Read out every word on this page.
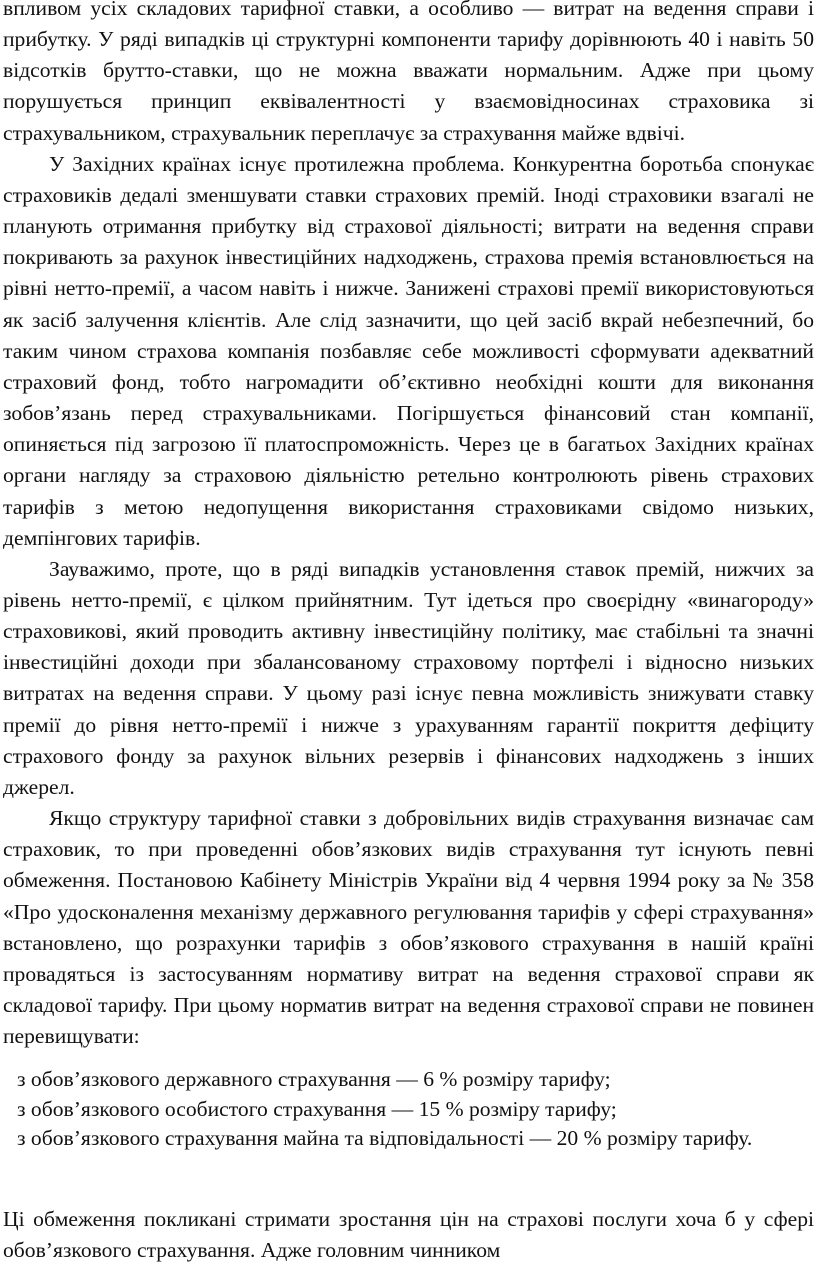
впливом усіх складових тарифної ставки, а особливо — витрат на ведення справи і прибутку. У ряді випадків ці структурні компоненти тарифу дорівнюють 40 і навіть 50 відсотків брутто-ставки, що не можна вважати нормальним. Адже при цьому порушується принцип еквівалентності у взаємовідносинах страховика зі страхувальником, страхувальник переплачує за страхування майже вдвічі.

У Західних країнах існує протилежна проблема. Конкурентна боротьба спонукає страховиків дедалі зменшувати ставки страхових премій. Іноді страховики взагалі не планують отримання прибутку від страхової діяльності; витрати на ведення справи покривають за рахунок інвестиційних надходжень, страхова премія встановлюється на рівні нетто-премії, а часом навіть і нижче. Занижені страхові премії використовуються як засіб залучення клієнтів. Але слід зазначити, що цей засіб вкрай небезпечний, бо таким чином страхова компанія позбавляє себе можливості сформувати адекватний страховий фонд, тобто нагромадити об’єктивно необхідні кошти для виконання зобов’язань перед страхувальниками. Погіршується фінансовий стан компанії, опиняється під загрозою її платоспроможність. Через це в багатьох Західних країнах органи нагляду за страховою діяльністю ретельно контролюють рівень страхових тарифів з метою недопущення використання страховиками свідомо низьких, демпінгових тарифів.

Зауважимо, проте, що в ряді випадків установлення ставок премій, нижчих за рівень нетто-премії, є цілком прийнятним. Тут ідеться про своєрідну «винагороду» страховикові, який проводить активну інвестиційну політику, має стабільні та значні інвестиційні доходи при збалансованому страховому портфелі і відносно низьких витратах на ведення справи. У цьому разі існує певна можливість знижувати ставку премії до рівня нетто-премії і нижче з урахуванням гарантії покриття дефіциту страхового фонду за рахунок вільних резервів і фінансових надходжень з інших джерел.

Якщо структуру тарифної ставки з добровільних видів страхування визначає сам страховик, то при проведенні обов’язкових видів страхування тут існують певні обмеження. Постановою Кабінету Міністрів України від 4 червня 1994 року за № 358 «Про удосконалення механізму державного регулювання тарифів у сфері страхування» встановлено, що розрахунки тарифів з обов’язкового страхування в нашій країні провадяться із застосуванням нормативу витрат на ведення страхової справи як складової тарифу. При цьому норматив витрат на ведення страхової справи не повинен перевищувати:

з обов’язкового державного страхування — 6 % розміру тарифу;
з обов’язкового особистого страхування — 15 % розміру тарифу;
з обов’язкового страхування майна та відповідальності — 20 % розміру тарифу.
Ці обмеження покликані стримати зростання цін на страхові послуги хоча б у сфері обов’язкового страхування. Адже головним чинником
